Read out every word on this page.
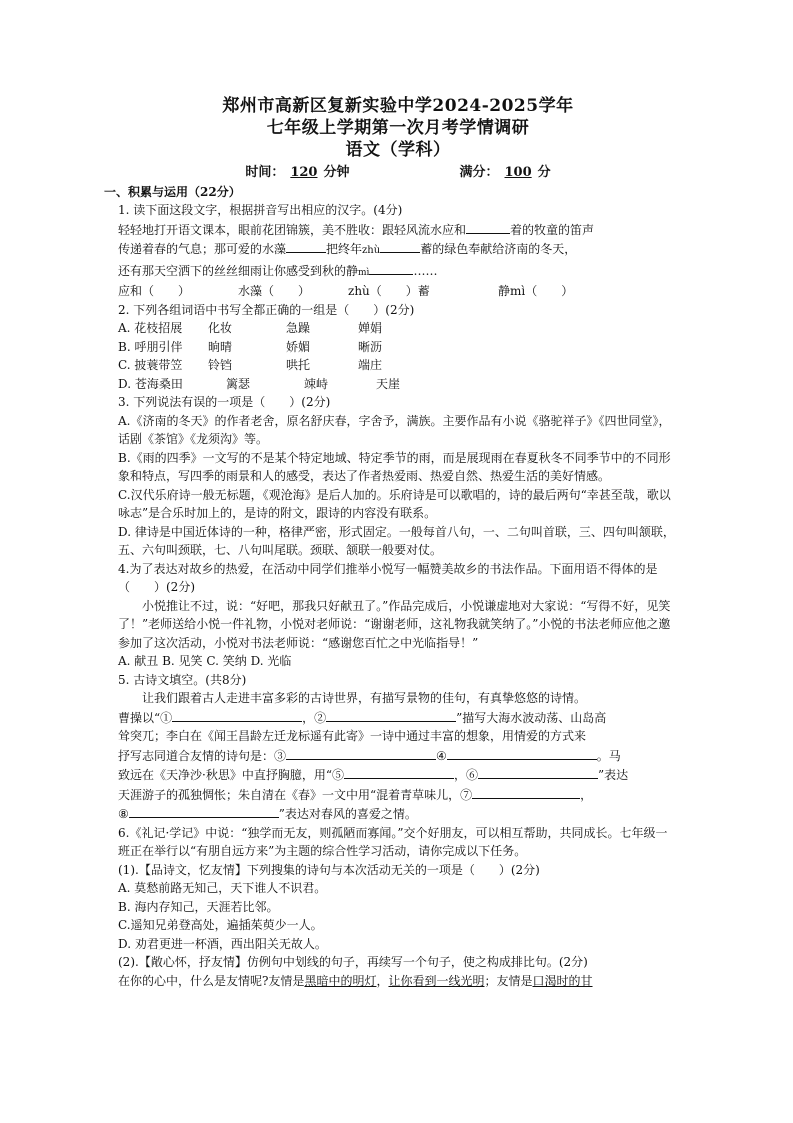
郑州市高新区复新实验中学2024-2025学年

七年级上学期第一次月考学情调研

语文（学科）

时间： 120 分钟	满分： 100 分
一、积累与运用（22分）

1. 读下面这段文字，根据拼音写出相应的汉字。(4分)

轻轻地打开语文课本，眼前花团锦簇，美不胜收：跟轻风流水应和	着的牧童的笛声

传递着春的气息；那可爱的水藻	把终年zhù	蓄的绿色奉献给济南的冬天，

还有那天空洒下的丝丝细雨让你感受到秋的静mì	……

应和（　　）	水藻（　　）	zhù（　　）蓄	静mì（　　）

2. 下列各组词语中书写全都正确的一组是（　　）(2分)

A. 花枝招展	化妆	急躁	婵娟
B. 呼朋引伴	晌晴	娇媚	晰沥
C. 披蓑带笠	铃铛	哄托	端庄
D. 苍海桑田	篱瑟	竦峙	天崖

3. 下列说法有误的一项是（　　）(2分)

A.《济南的冬天》的作者老舍，原名舒庆春，字舍予，满族。主要作品有小说《骆驼祥子》《四世同堂》，话剧《茶馆》《龙须沟》等。

B.《雨的四季》一文写的不是某个特定地域、特定季节的雨，而是展现雨在春夏秋冬不同季节中的不同形象和特点，写四季的雨景和人的感受，表达了作者热爱雨、热爱自然、热爱生活的美好情感。

C.汉代乐府诗一般无标题，《观沧海》是后人加的。乐府诗是可以歌唱的，诗的最后两句“幸甚至哉，歌以咏志”是合乐时加上的，是诗的附文，跟诗的内容没有联系。

D. 律诗是中国近体诗的一种，格律严密，形式固定。一般每首八句，一、二句叫首联，三、四句叫颔联，五、六句叫颈联，七、八句叫尾联。颈联、颔联一般要对仗。

4.为了表达对故乡的热爱，在活动中同学们推举小悦写一幅赞美故乡的书法作品。下面用语不得体的是（　　）(2分)

小悦推让不过，说：“好吧，那我只好献丑了。”作品完成后，小悦谦虚地对大家说：“写得不好，见笑了！”老师送给小悦一件礼物，小悦对老师说：“谢谢老师，这礼物我就笑纳了。”小悦的书法老师应他之邀参加了这次活动，小悦对书法老师说：“感谢您百忙之中光临指导！”

A. 献丑 B. 见笑 C. 笑纳 D. 光临

5. 古诗文填空。(共8分)

让我们跟着古人走进丰富多彩的古诗世界，有描写景物的佳句，有真挚悠悠的诗情。

曹操以“①	，②	”描写大海水波动荡、山岛高

耸突兀；李白在《闻王昌龄左迁龙标遥有此寄》一诗中通过丰富的想象，用情爱的方式来

抒写志同道合友情的诗句是：③	④	。马

致远在《天净沙·秋思》中直抒胸臆，用“⑤	，⑥	”表达

天涯游子的孤独惆怅；朱自清在《春》一文中用“混着青草味儿，⑦	，

⑧	”表达对春风的喜爱之情。

6.《礼记·学记》中说：“独学而无友，则孤陋而寡闻。”交个好朋友，可以相互帮助，共同成长。七年级一班正在举行以“有朋自远方来”为主题的综合性学习活动，请你完成以下任务。

(1).【品诗文，忆友情】下列搜集的诗句与本次活动无关的一项是（　　）(2分)

A. 莫愁前路无知己，天下谁人不识君。

B. 海内存知己，天涯若比邻。

C.遥知兄弟登高处，遍插茱萸少一人。

D. 劝君更进一杯酒，西出阳关无故人。

(2).【敞心怀，抒友情】仿例句中划线的句子，再续写一个句子，使之构成排比句。(2分)

在你的心中，什么是友情呢?友情是黑暗中的明灯，让你看到一线光明；友情是口渴时的甘
